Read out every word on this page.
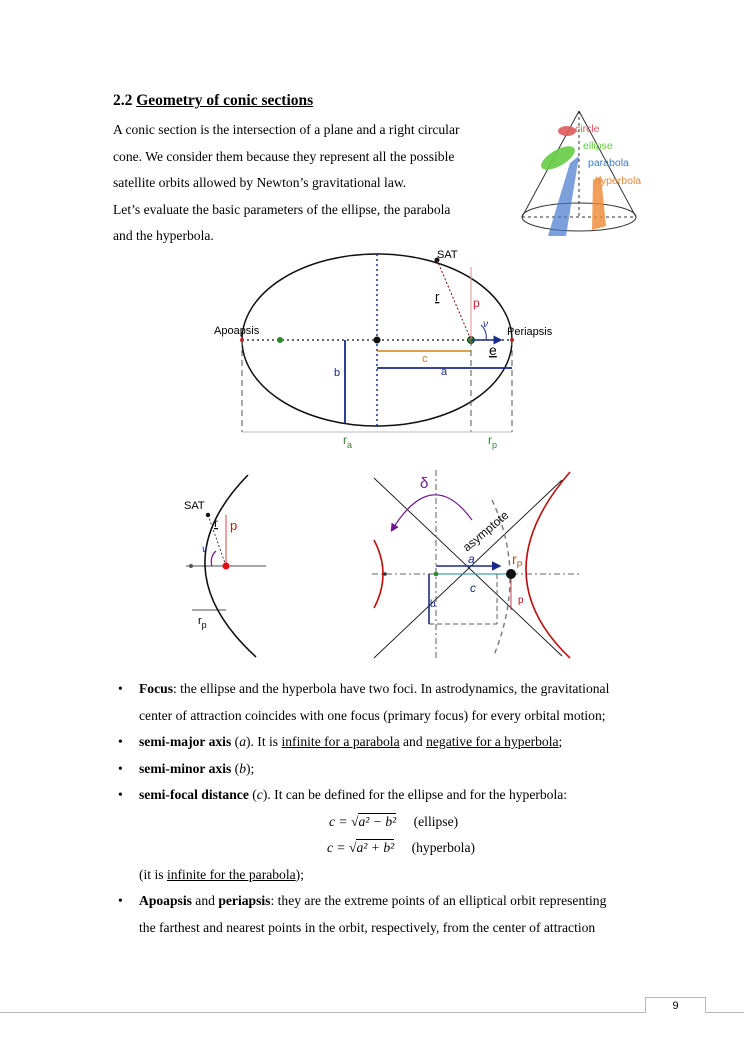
2.2 Geometry of conic sections
A conic section is the intersection of a plane and a right circular
cone. We consider them because they represent all the possible
satellite orbits allowed by Newton’s gravitational law.
Let’s evaluate the basic parameters of the ellipse, the parabola
and the hyperbola.
circle
ellipse
parabola
hyperbola
SAT
r	p
ν
Apoapsis	Periapsis
e
c
a
b
$r_a$	$r_p$
SAT
r p
ν
$r_p$
δ
asymptote
a
c
b
$r_P$
p
• Focus: the ellipse and the hyperbola have two foci. In astrodynamics, the gravitational
center of attraction coincides with one focus (primary focus) for every orbital motion;
• semi-major axis (a). It is infinite for a parabola and negative for a hyperbola;
• semi-minor axis (b);
• semi-focal distance (c). It can be defined for the ellipse and for the hyperbola:
c = √a² − b² (ellipse)
c = √a² + b² (hyperbola)
(it is infinite for the parabola);
• Apoapsis and periapsis: they are the extreme points of an elliptical orbit representing
the farthest and nearest points in the orbit, respectively, from the center of attraction
9
